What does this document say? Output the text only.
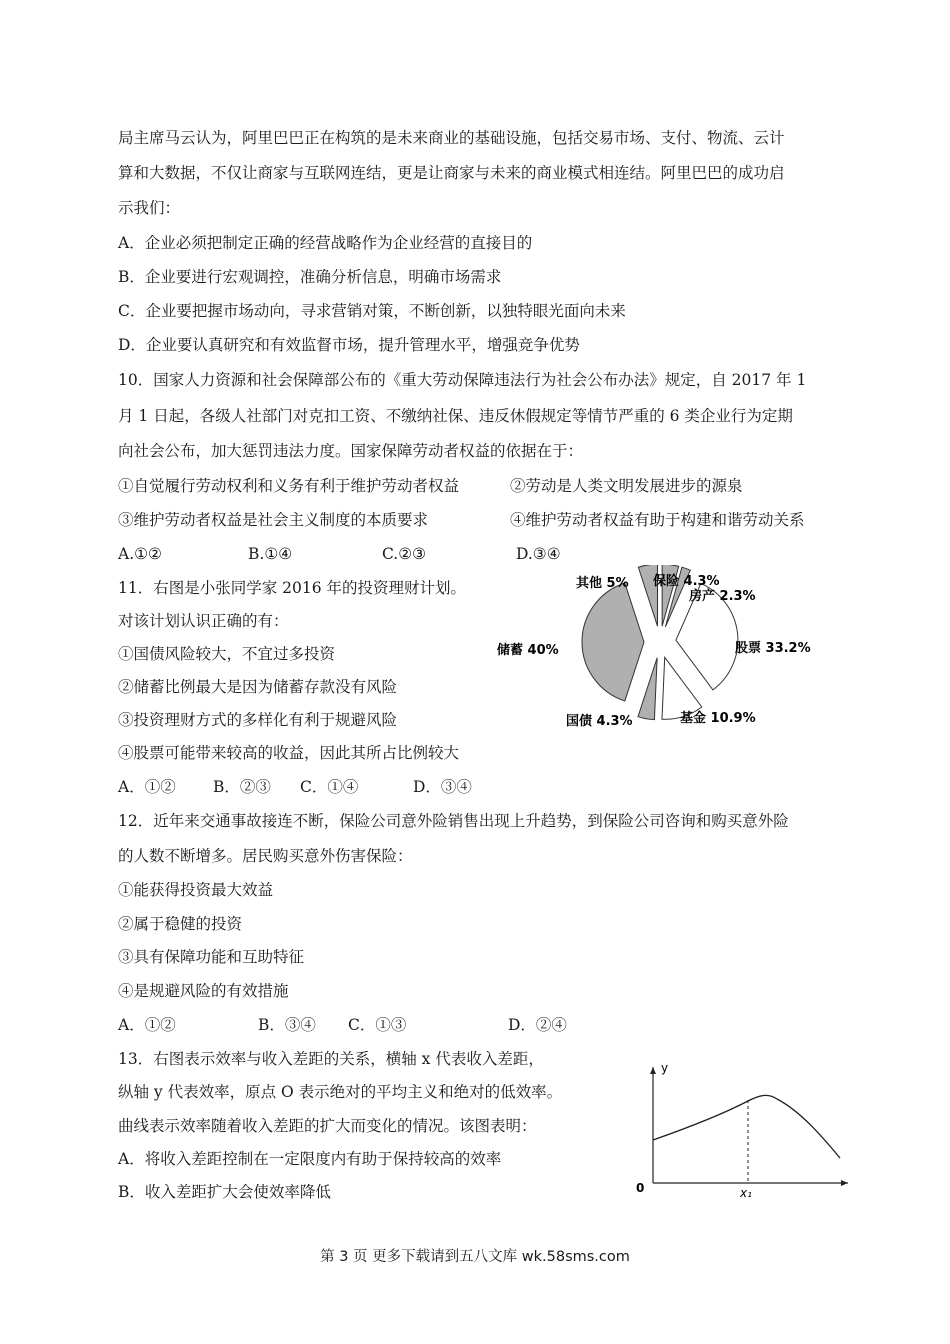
局主席马云认为，阿里巴巴正在构筑的是未来商业的基础设施，包括交易市场、支付、物流、云计
算和大数据，不仅让商家与互联网连结，更是让商家与未来的商业模式相连结。阿里巴巴的成功启
示我们：
A．企业必须把制定正确的经营战略作为企业经营的直接目的
B．企业要进行宏观调控，准确分析信息，明确市场需求
C．企业要把握市场动向，寻求营销对策，不断创新，以独特眼光面向未来
D．企业要认真研究和有效监督市场，提升管理水平，增强竞争优势
10．国家人力资源和社会保障部公布的《重大劳动保障违法行为社会公布办法》规定，自 2017 年 1
月 1 日起，各级人社部门对克扣工资、不缴纳社保、违反休假规定等情节严重的 6 类企业行为定期
向社会公布，加大惩罚违法力度。国家保障劳动者权益的依据在于：
①自觉履行劳动权利和义务有利于维护劳动者权益	②劳动是人类文明发展进步的源泉
③维护劳动者权益是社会主义制度的本质要求	④维护劳动者权益有助于构建和谐劳动关系
A.①②	B.①④	C.②③	D.③④
11．右图是小张同学家 2016 年的投资理财计划。
对该计划认识正确的有：
①国债风险较大，不宜过多投资
②储蓄比例最大是因为储蓄存款没有风险
③投资理财方式的多样化有利于规避风险
④股票可能带来较高的收益，因此其所占比例较大
A．①② B．②③ C．①④	D．③④
其他 5% 保险 4.3%
房产 2.3%
股票 33.2%
基金 10.9%
国债 4.3%
储蓄 40%
12．近年来交通事故接连不断，保险公司意外险销售出现上升趋势，到保险公司咨询和购买意外险
的人数不断增多。居民购买意外伤害保险：
①能获得投资最大效益
②属于稳健的投资
③具有保障功能和互助特征
④是规避风险的有效措施
A．①②	B．③④ C．①③	D．②④
13．右图表示效率与收入差距的关系，横轴 x 代表收入差距，
纵轴 y 代表效率，原点 O 表示绝对的平均主义和绝对的低效率。
曲线表示效率随着收入差距的扩大而变化的情况。该图表明：
A．将收入差距控制在一定限度内有助于保持较高的效率
B．收入差距扩大会使效率降低
y
0	x₁
第 3 页 更多下载请到五八文库 wk.58sms.com
